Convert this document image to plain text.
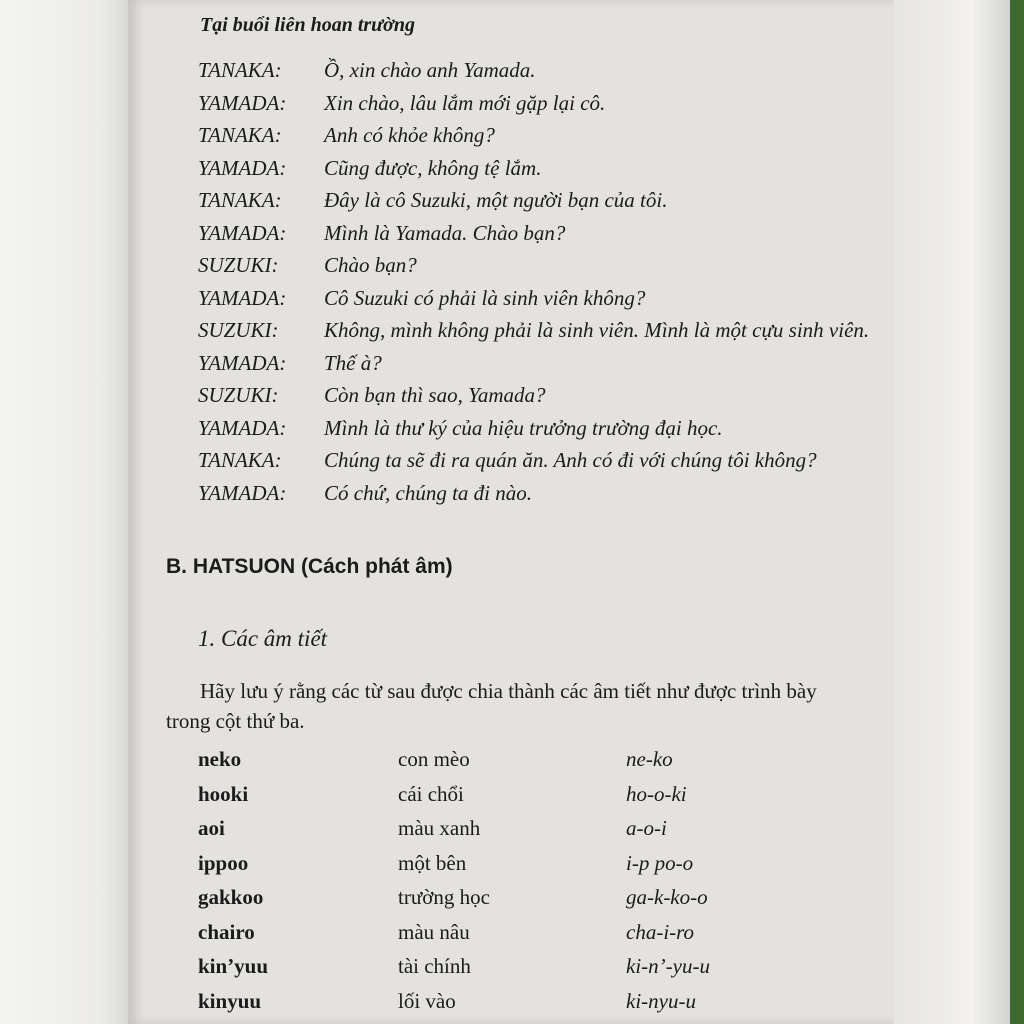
Tại buổi liên hoan trường
TANAKA:	Ồ, xin chào anh Yamada.
YAMADA:	Xin chào, lâu lắm mới gặp lại cô.
TANAKA:	Anh có khỏe không?
YAMADA:	Cũng được, không tệ lắm.
TANAKA:	Đây là cô Suzuki, một người bạn của tôi.
YAMADA:	Mình là Yamada. Chào bạn?
SUZUKI:	Chào bạn?
YAMADA:	Cô Suzuki có phải là sinh viên không?
SUZUKI:	Không, mình không phải là sinh viên. Mình là một cựu sinh viên.
YAMADA:	Thế à?
SUZUKI:	Còn bạn thì sao, Yamada?
YAMADA:	Mình là thư ký của hiệu trưởng trường đại học.
TANAKA:	Chúng ta sẽ đi ra quán ăn. Anh có đi với chúng tôi không?
YAMADA:	Có chứ, chúng ta đi nào.
B. HATSUON (Cách phát âm)
1. Các âm tiết
Hãy lưu ý rằng các từ sau được chia thành các âm tiết như được trình bày trong cột thứ ba.
neko	con mèo	ne-ko
hooki	cái chổi	ho-o-ki
aoi	màu xanh	a-o-i
ippoo	một bên	i-p po-o
gakkoo	trường học	ga-k-ko-o
chairo	màu nâu	cha-i-ro
kin’yuu	tài chính	ki-n’-yu-u
kinyuu	lối vào	ki-nyu-u
